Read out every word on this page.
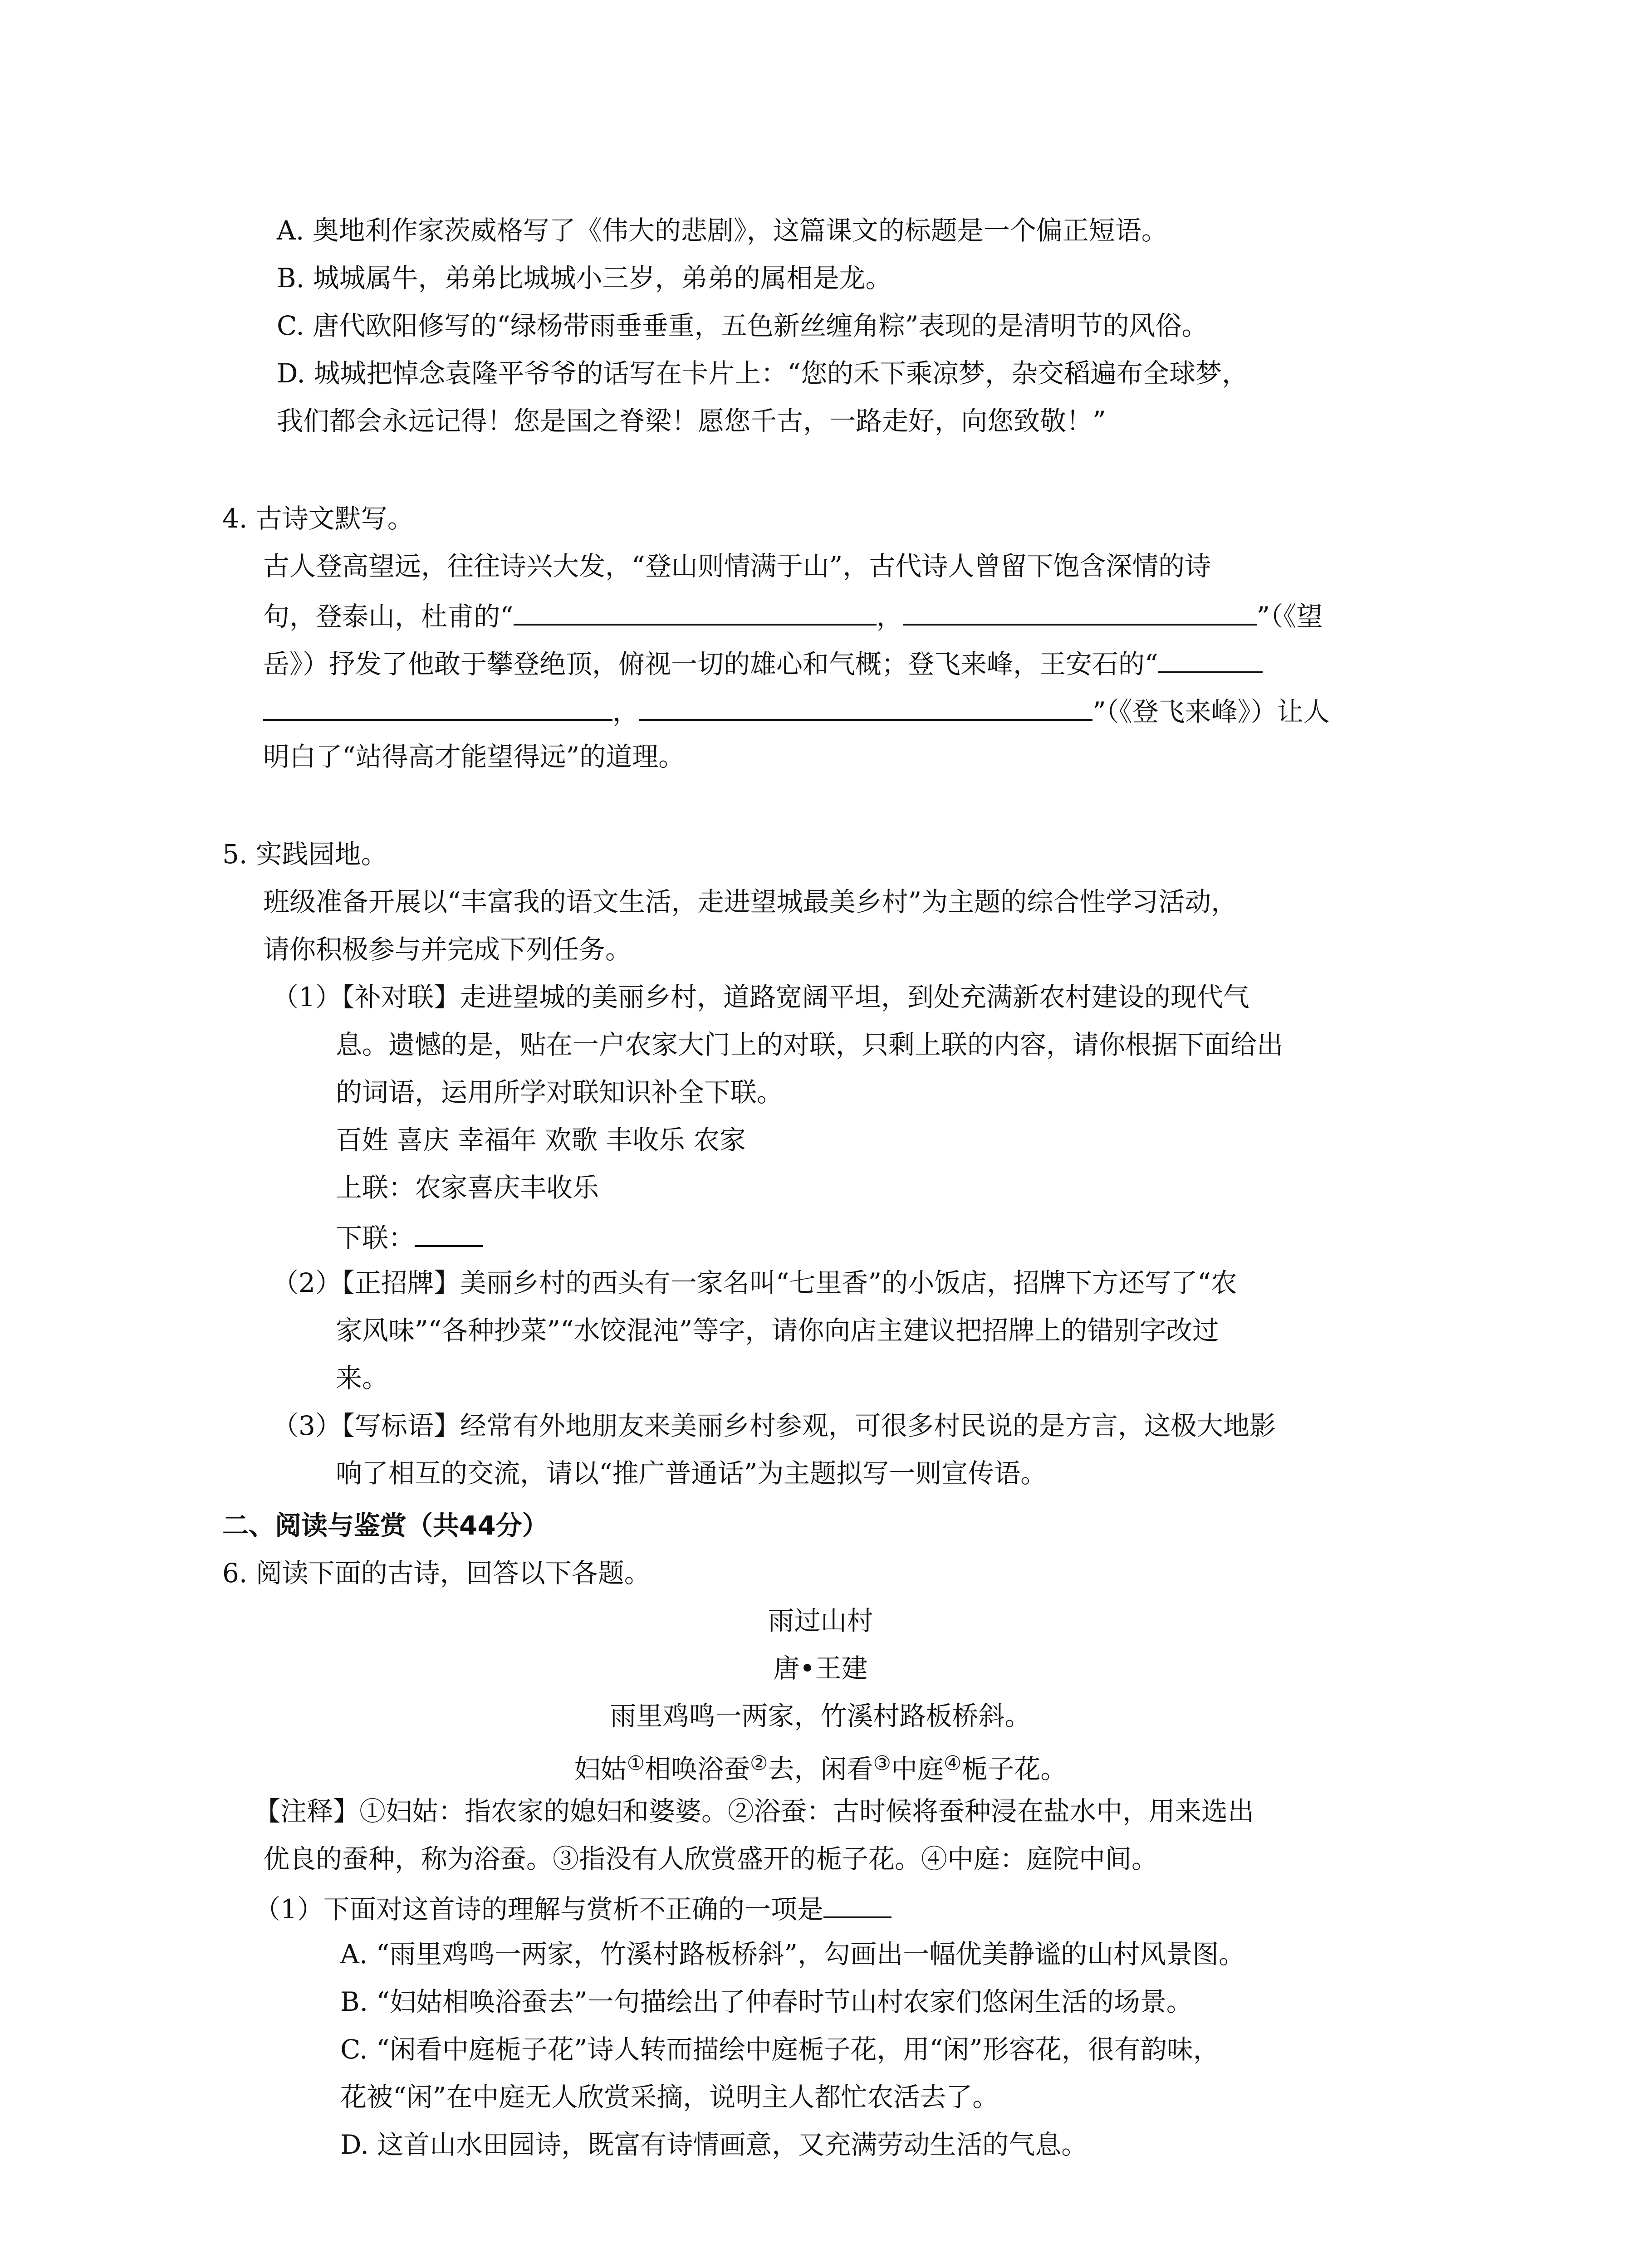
A. 奥地利作家茨威格写了《伟大的悲剧》，这篇课文的标题是一个偏正短语。
B. 城城属牛，弟弟比城城小三岁，弟弟的属相是龙。
C. 唐代欧阳修写的“绿杨带雨垂垂重，五色新丝缠角粽”表现的是清明节的风俗。
D. 城城把悼念袁隆平爷爷的话写在卡片上：“您的禾下乘凉梦，杂交稻遍布全球梦，
我们都会永远记得！您是国之脊梁！愿您千古，一路走好，向您致敬！”
4. 古诗文默写。
古人登高望远，往往诗兴大发，“登山则情满于山”，古代诗人曾留下饱含深情的诗
句，登泰山，杜甫的“	，	”（《望
岳》）抒发了他敢于攀登绝顶，俯视一切的雄心和气概；登飞来峰，王安石的“
，	”（《登飞来峰》）让人
明白了“站得高才能望得远”的道理。
5. 实践园地。
班级准备开展以“丰富我的语文生活，走进望城最美乡村”为主题的综合性学习活动，
请你积极参与并完成下列任务。
（1）【补对联】走进望城的美丽乡村，道路宽阔平坦，到处充满新农村建设的现代气
息。遗憾的是，贴在一户农家大门上的对联，只剩上联的内容，请你根据下面给出
的词语，运用所学对联知识补全下联。
百姓 喜庆 幸福年 欢歌 丰收乐 农家
上联：农家喜庆丰收乐
下联：
（2）【正招牌】美丽乡村的西头有一家名叫“七里香”的小饭店，招牌下方还写了“农
家风味”“各种抄菜”“水饺混沌”等字，请你向店主建议把招牌上的错别字改过
来。
（3）【写标语】经常有外地朋友来美丽乡村参观，可很多村民说的是方言，这极大地影
响了相互的交流，请以“推广普通话”为主题拟写一则宣传语。
二、阅读与鉴赏（共44分）
6. 阅读下面的古诗，回答以下各题。
雨过山村
唐•王建
雨里鸡鸣一两家，竹溪村路板桥斜。
妇姑①相唤浴蚕②去，闲看③中庭④栀子花。
【注释】①妇姑：指农家的媳妇和婆婆。②浴蚕：古时候将蚕种浸在盐水中，用来选出
优良的蚕种，称为浴蚕。③指没有人欣赏盛开的栀子花。④中庭：庭院中间。
（1）下面对这首诗的理解与赏析不正确的一项是
A. “雨里鸡鸣一两家，竹溪村路板桥斜”，勾画出一幅优美静谧的山村风景图。
B. “妇姑相唤浴蚕去”一句描绘出了仲春时节山村农家们悠闲生活的场景。
C. “闲看中庭栀子花”诗人转而描绘中庭栀子花，用“闲”形容花，很有韵味，
花被“闲”在中庭无人欣赏采摘，说明主人都忙农活去了。
D. 这首山水田园诗，既富有诗情画意，又充满劳动生活的气息。
